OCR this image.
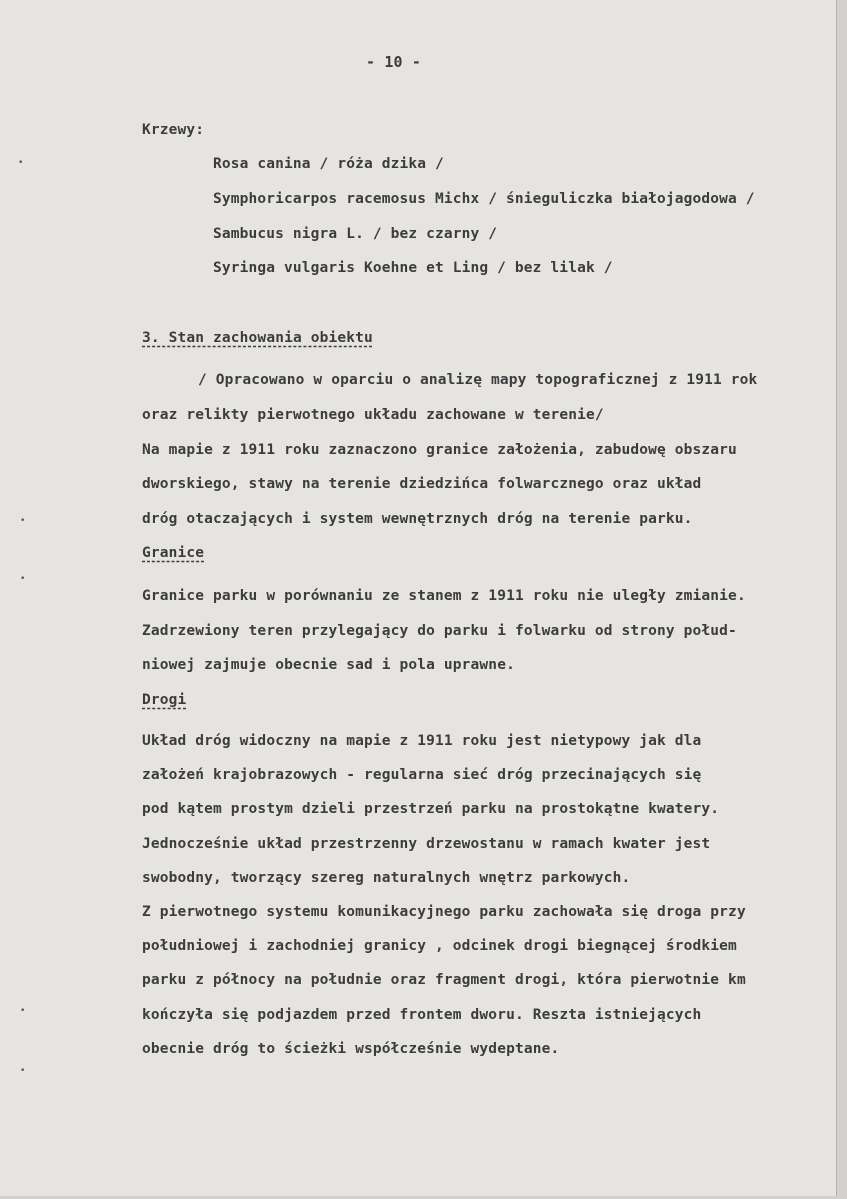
- 10 -
Krzewy:
Rosa canina / róża dzika /
Symphoricarpos racemosus Michx / śnieguliczka białojagodowa /
Sambucus nigra L. / bez czarny /
Syringa vulgaris Koehne et Ling / bez lilak /
3. Stan zachowania obiektu
/ Opracowano w oparciu o analizę mapy topograficznej z 1911 rok
oraz relikty pierwotnego układu zachowane w terenie/
Na mapie z 1911 roku zaznaczono granice założenia, zabudowę obszaru
dworskiego, stawy na terenie dziedzińca folwarcznego oraz układ
dróg otaczających i system wewnętrznych dróg na terenie parku.
Granice
Granice parku w porównaniu ze stanem z 1911 roku nie uległy zmianie.
Zadrzewiony teren przylegający do parku i folwarku od strony połud-
niowej zajmuje obecnie sad i pola uprawne.
Drogi
Układ dróg widoczny na mapie z 1911 roku jest nietypowy jak dla
założeń krajobrazowych - regularna sieć dróg przecinających się
pod kątem prostym dzieli przestrzeń parku na prostokątne kwatery.
Jednocześnie układ przestrzenny drzewostanu w ramach kwater jest
swobodny, tworzący szereg naturalnych wnętrz parkowych.
Z pierwotnego systemu komunikacyjnego parku zachowała się droga przy
południowej i zachodniej granicy , odcinek drogi biegnącej środkiem
parku z północy na południe oraz fragment drogi, która pierwotnie km
kończyła się podjazdem przed frontem dworu. Reszta istniejących
obecnie dróg to ścieżki współcześnie wydeptane.
•
•
•
•
•
